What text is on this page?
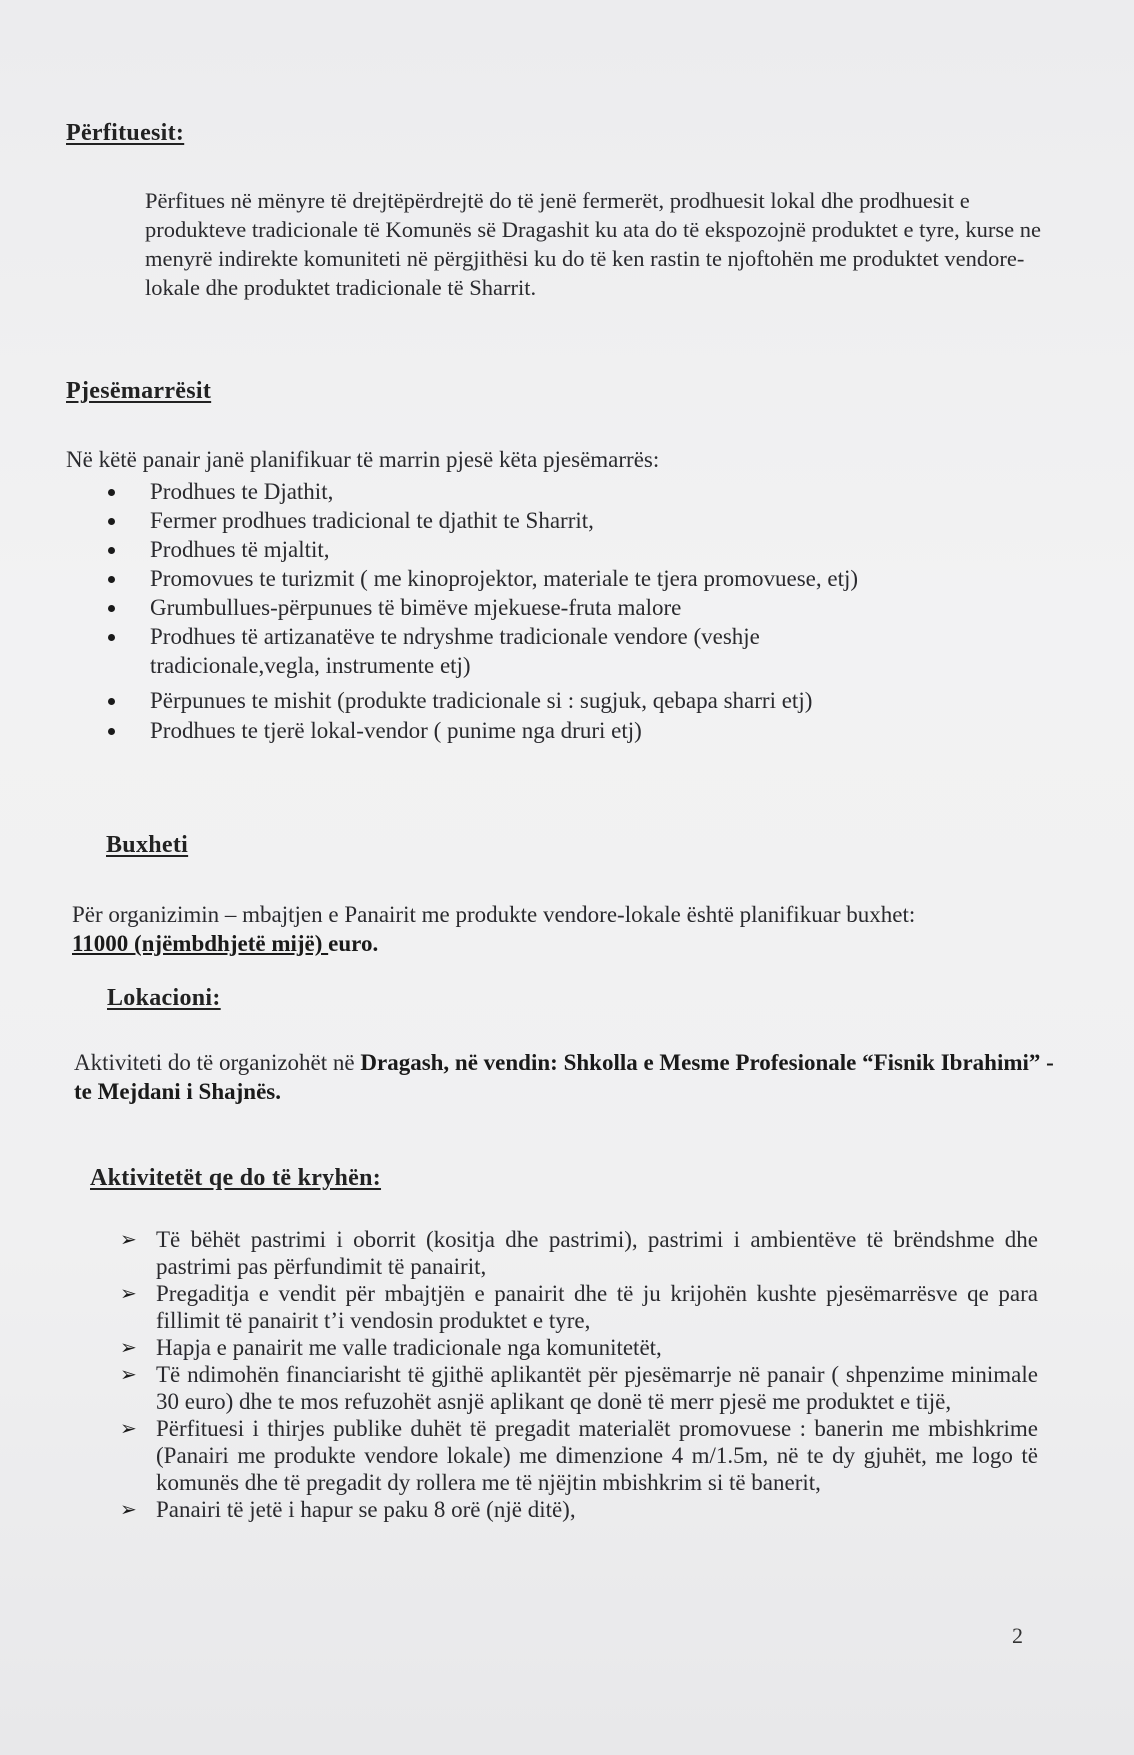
Përfituesit:

Përfitues në mënyre të drejtëpërdrejtë do të jenë fermerët, prodhuesit lokal dhe prodhuesit e produkteve tradicionale të Komunës së Dragashit ku ata do të ekspozojnë produktet e tyre, kurse ne menyrë indirekte komuniteti në përgjithësi ku do të ken rastin te njoftohën me produktet vendore-lokale dhe produktet tradicionale të Sharrit.

Pjesëmarrësit

Në këtë panair janë planifikuar të marrin pjesë këta pjesëmarrës:

Prodhues te Djathit,
Fermer prodhues tradicional te djathit te Sharrit,
Prodhues të mjaltit,
Promovues te turizmit ( me kinoprojektor, materiale te tjera promovuese, etj)
Grumbullues-përpunues të bimëve mjekuese-fruta malore
Prodhues të artizanatëve te ndryshme tradicionale vendore (veshje tradicionale,vegla, instrumente etj)
Përpunues te mishit (produkte tradicionale si : sugjuk, qebapa sharri etj)
Prodhues te tjerë lokal-vendor ( punime nga druri etj)
Buxheti

Për organizimin – mbajtjen e Panairit me produkte vendore-lokale është planifikuar buxhet:
11000 (njëmbdhjetë mijë) euro.

Lokacioni:

Aktiviteti do të organizohët në Dragash, në vendin: Shkolla e Mesme Profesionale “Fisnik Ibrahimi” - te Mejdani i Shajnës.

Aktivitetët qe do të kryhën:
➢ Të bëhët pastrimi i oborrit (kositja dhe pastrimi), pastrimi i ambientëve të brëndshme dhe pastrimi pas përfundimit të panairit,
➢ Pregaditja e vendit për mbajtjën e panairit dhe të ju krijohën kushte pjesëmarrësve qe para fillimit të panairit t’i vendosin produktet e tyre,
➢ Hapja e panairit me valle tradicionale nga komunitetët,
➢ Të ndimohën financiarisht të gjithë aplikantët për pjesëmarrje në panair ( shpenzime minimale 30 euro) dhe te mos refuzohët asnjë aplikant qe donë të merr pjesë me produktet e tijë,
➢ Përfituesi i thirjes publike duhët të pregadit materialët promovuese : banerin me mbishkrime (Panairi me produkte vendore lokale) me dimenzione 4 m/1.5m, në te dy gjuhët, me logo të komunës dhe të pregadit dy rollera me të njëjtin mbishkrim si të banerit,
➢ Panairi të jetë i hapur se paku 8 orë (një ditë),
2
